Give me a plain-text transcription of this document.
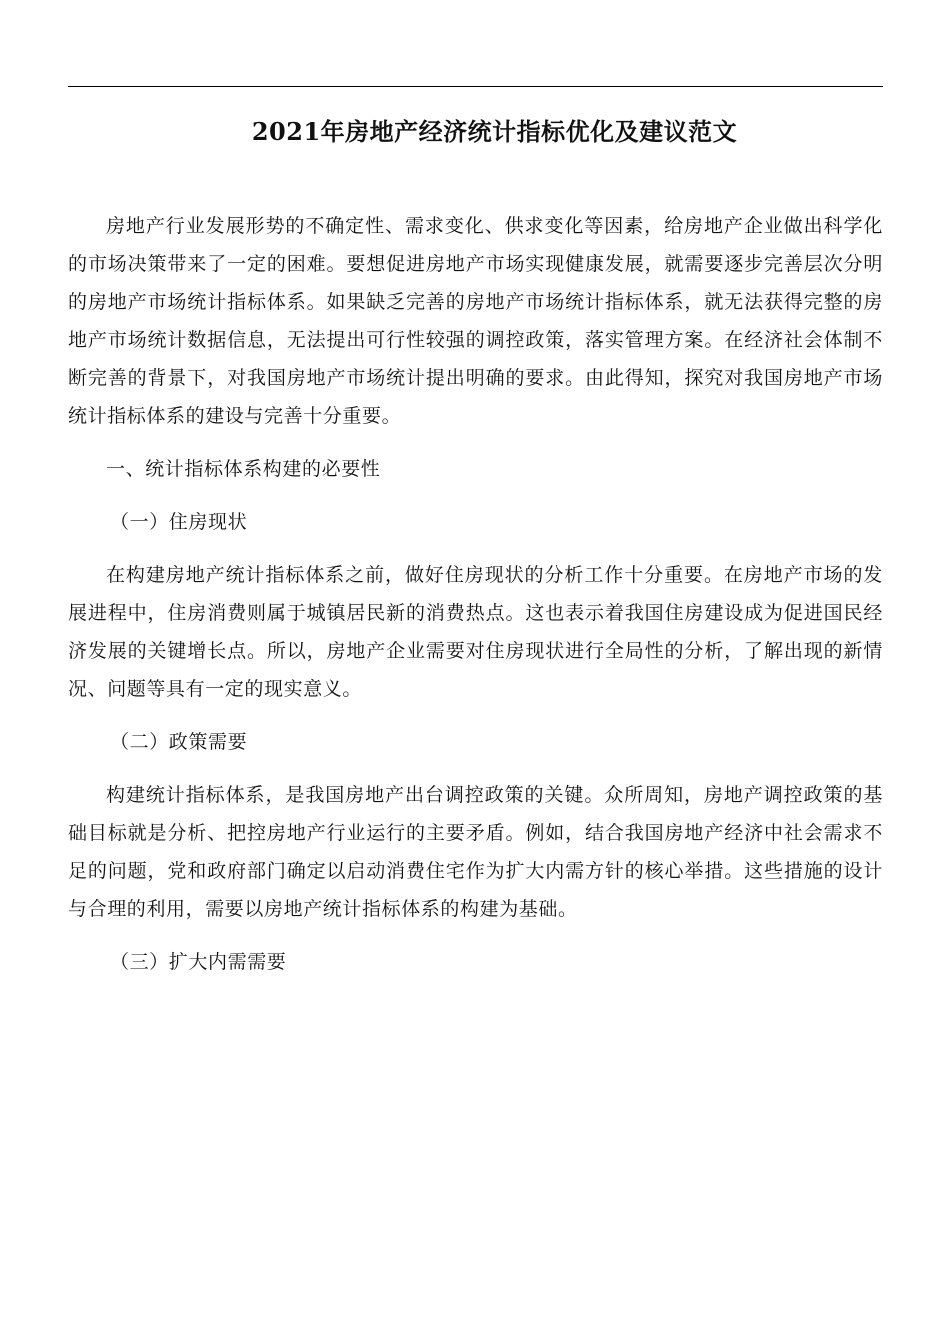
2021年房地产经济统计指标优化及建议范文

房地产行业发展形势的不确定性、需求变化、供求变化等因素，给房地产企业做出科学化的市场决策带来了一定的困难。要想促进房地产市场实现健康发展，就需要逐步完善层次分明的房地产市场统计指标体系。如果缺乏完善的房地产市场统计指标体系，就无法获得完整的房地产市场统计数据信息，无法提出可行性较强的调控政策，落实管理方案。在经济社会体制不断完善的背景下，对我国房地产市场统计提出明确的要求。由此得知，探究对我国房地产市场统计指标体系的建设与完善十分重要。

一、统计指标体系构建的必要性
（一）住房现状

在构建房地产统计指标体系之前，做好住房现状的分析工作十分重要。在房地产市场的发展进程中，住房消费则属于城镇居民新的消费热点。这也表示着我国住房建设成为促进国民经济发展的关键增长点。所以，房地产企业需要对住房现状进行全局性的分析，了解出现的新情况、问题等具有一定的现实意义。

（二）政策需要

构建统计指标体系，是我国房地产出台调控政策的关键。众所周知，房地产调控政策的基础目标就是分析、把控房地产行业运行的主要矛盾。例如，结合我国房地产经济中社会需求不足的问题，党和政府部门确定以启动消费住宅作为扩大内需方针的核心举措。这些措施的设计与合理的利用，需要以房地产统计指标体系的构建为基础。

（三）扩大内需需要
